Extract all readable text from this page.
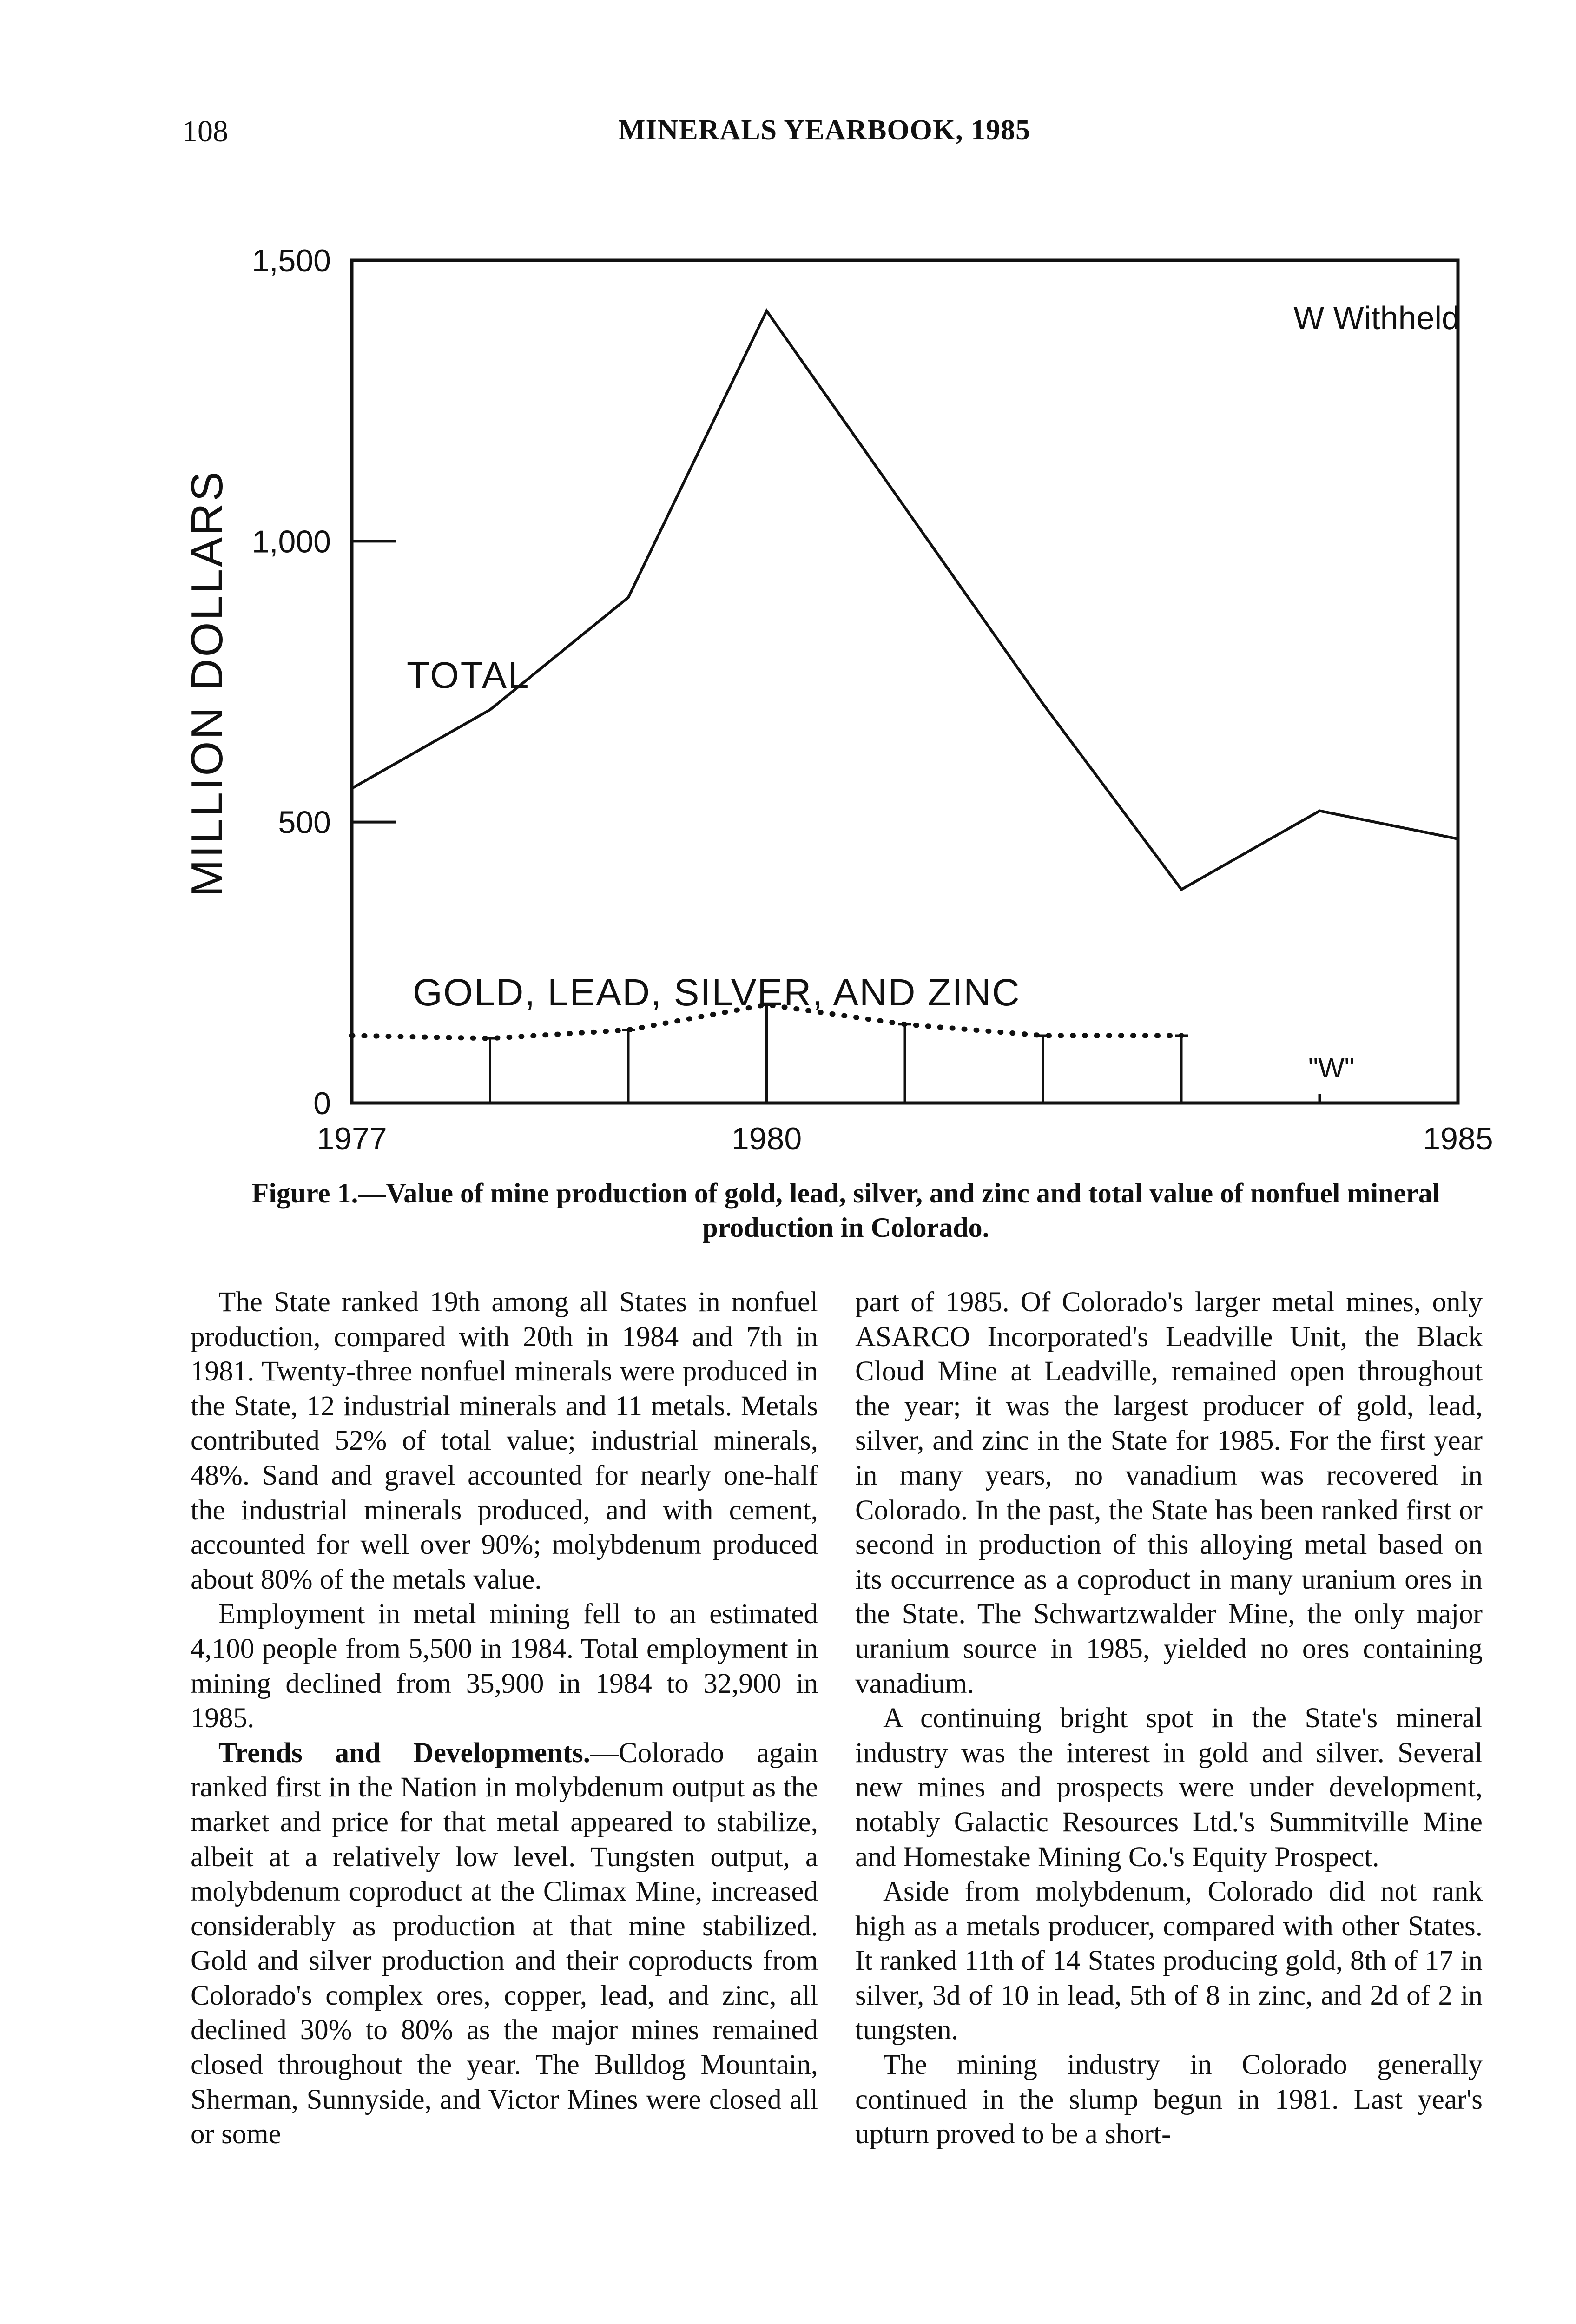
108	MINERALS YEARBOOK, 1985
MILLION DOLLARS
W Withheld
0
500
1,000
1,500
1977	1980	1985
TOTAL
"W"
GOLD, LEAD, SILVER, AND ZINC
Figure 1.—Value of mine production of gold, lead, silver, and zinc and total value of nonfuel mineral production in Colorado.

The State ranked 19th among all States in nonfuel production, compared with 20th in 1984 and 7th in 1981. Twenty-three nonfuel minerals were produced in the State, 12 industrial minerals and 11 metals. Metals contributed 52% of total value; industrial minerals, 48%. Sand and gravel accounted for nearly one-half the industrial minerals produced, and with cement, accounted for well over 90%; molybdenum produced about 80% of the metals value.

Employment in metal mining fell to an estimated 4,100 people from 5,500 in 1984. Total employment in mining declined from 35,900 in 1984 to 32,900 in 1985.

Trends and Developments.—Colorado again ranked first in the Nation in molybdenum output as the market and price for that metal appeared to stabilize, albeit at a relatively low level. Tungsten output, a molybdenum coproduct at the Climax Mine, increased considerably as production at that mine stabilized. Gold and silver production and their coproducts from Colorado's complex ores, copper, lead, and zinc, all declined 30% to 80% as the major mines remained closed throughout the year. The Bulldog Mountain, Sherman, Sunnyside, and Victor Mines were closed all or some

part of 1985. Of Colorado's larger metal mines, only ASARCO Incorporated's Leadville Unit, the Black Cloud Mine at Leadville, remained open throughout the year; it was the largest producer of gold, lead, silver, and zinc in the State for 1985. For the first year in many years, no vanadium was recovered in Colorado. In the past, the State has been ranked first or second in production of this alloying metal based on its occurrence as a coproduct in many uranium ores in the State. The Schwartzwalder Mine, the only major uranium source in 1985, yielded no ores containing vanadium.

A continuing bright spot in the State's mineral industry was the interest in gold and silver. Several new mines and prospects were under development, notably Galactic Resources Ltd.'s Summitville Mine and Homestake Mining Co.'s Equity Prospect.

Aside from molybdenum, Colorado did not rank high as a metals producer, compared with other States. It ranked 11th of 14 States producing gold, 8th of 17 in silver, 3d of 10 in lead, 5th of 8 in zinc, and 2d of 2 in tungsten.

The mining industry in Colorado generally continued in the slump begun in 1981. Last year's upturn proved to be a short-
